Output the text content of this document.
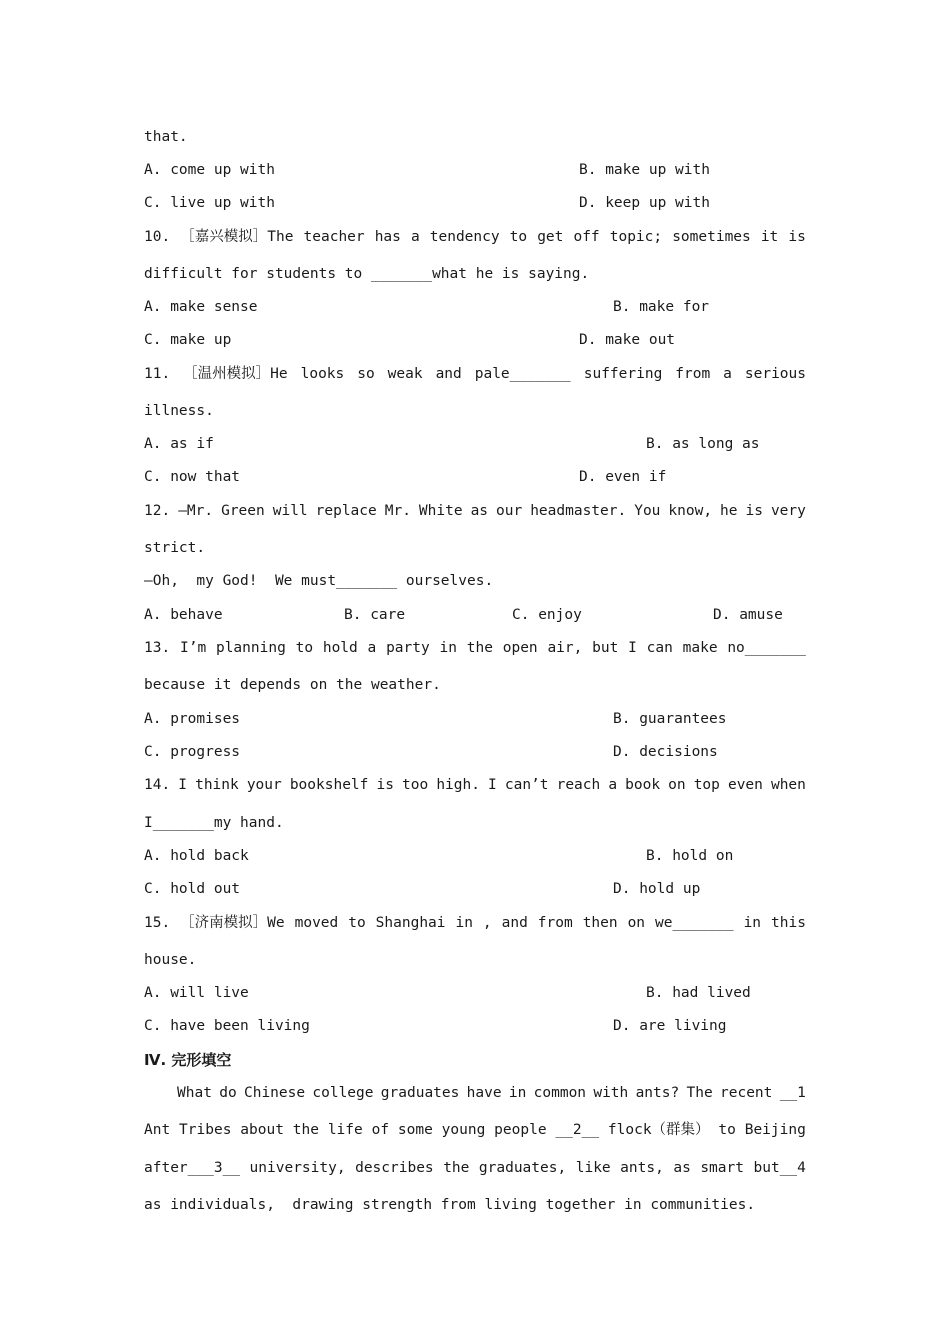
that.
A. come up with	B. make up with
C. live up with	D. keep up with
10. ［嘉兴模拟］The teacher has a tendency to get off topic; sometimes it is
difficult for students to _______what he is saying.
A. make sense	B. make for
C. make up	D. make out
11. ［温州模拟］He looks so weak and pale_______ suffering from a serious
illness.
A. as if	B. as long as
C. now that	D. even if
12. —Mr. Green will replace Mr. White as our headmaster. You know, he is very
strict.
—Oh,  my God!  We must_______ ourselves.
A. behave	B. care	C. enjoy	D. amuse
13. I’m planning to hold a party in the open air, but I can make no_______
because it depends on the weather.
A. promises	B. guarantees
C. progress	D. decisions
14. I think your bookshelf is too high. I can’t reach a book on top even when
I_______my hand.
A. hold back	B. hold on
C. hold out	D. hold up
15. ［济南模拟］We moved to Shanghai in , and from then on we_______ in this
house.
A. will live	B. had lived
C. have been living	D. are living
Ⅳ. 完形填空
What do Chinese college graduates have in common with ants? The recent __1
Ant Tribes about the life of some young people __2__ flock（群集） to Beijing
after___3__ university, describes the graduates, like ants, as smart but__4
as individuals,  drawing strength from living together in communities.
